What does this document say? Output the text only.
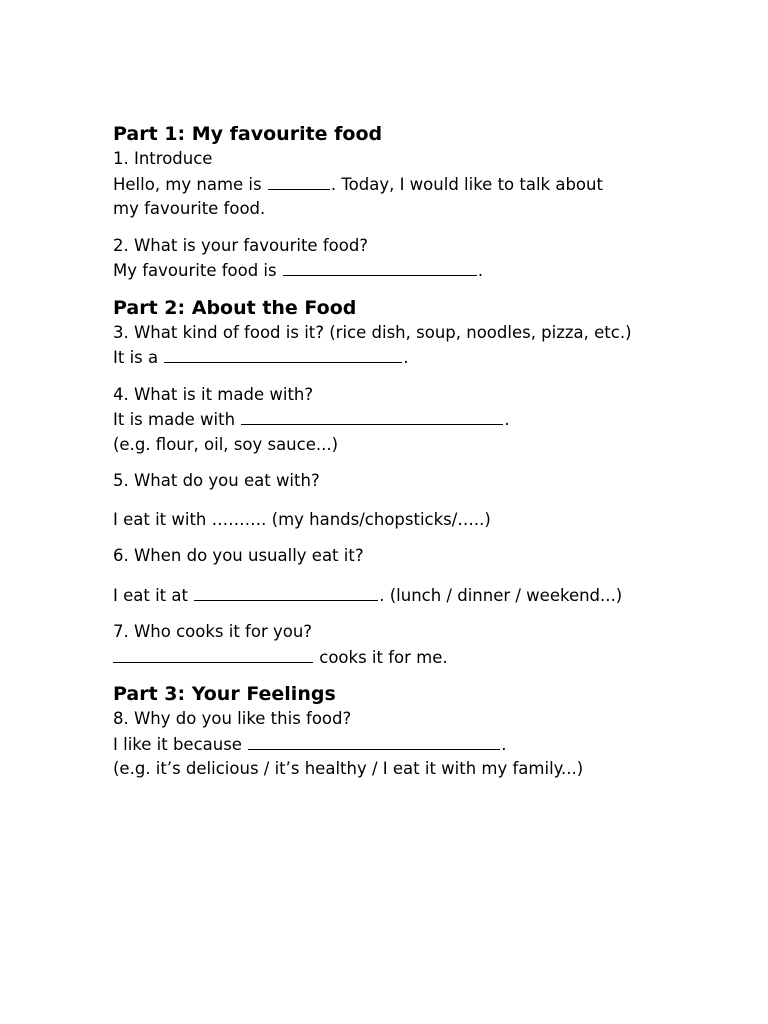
Part 1: My favourite food

1. Introduce

Hello, my name is	. Today, I would like to talk about

my favourite food.

2. What is your favourite food?

My favourite food is	.

Part 2: About the Food

3. What kind of food is it? (rice dish, soup, noodles, pizza, etc.)

It is a	.

4. What is it made with?

It is made with	.

(e.g. flour, oil, soy sauce...)

5. What do you eat with?

I eat it with ………. (my hands/chopsticks/…..)

6. When do you usually eat it?

I eat it at	. (lunch / dinner / weekend...)

7. Who cooks it for you?

cooks it for me.

Part 3: Your Feelings

8. Why do you like this food?

I like it because	.

(e.g. it’s delicious / it’s healthy / I eat it with my family...)
